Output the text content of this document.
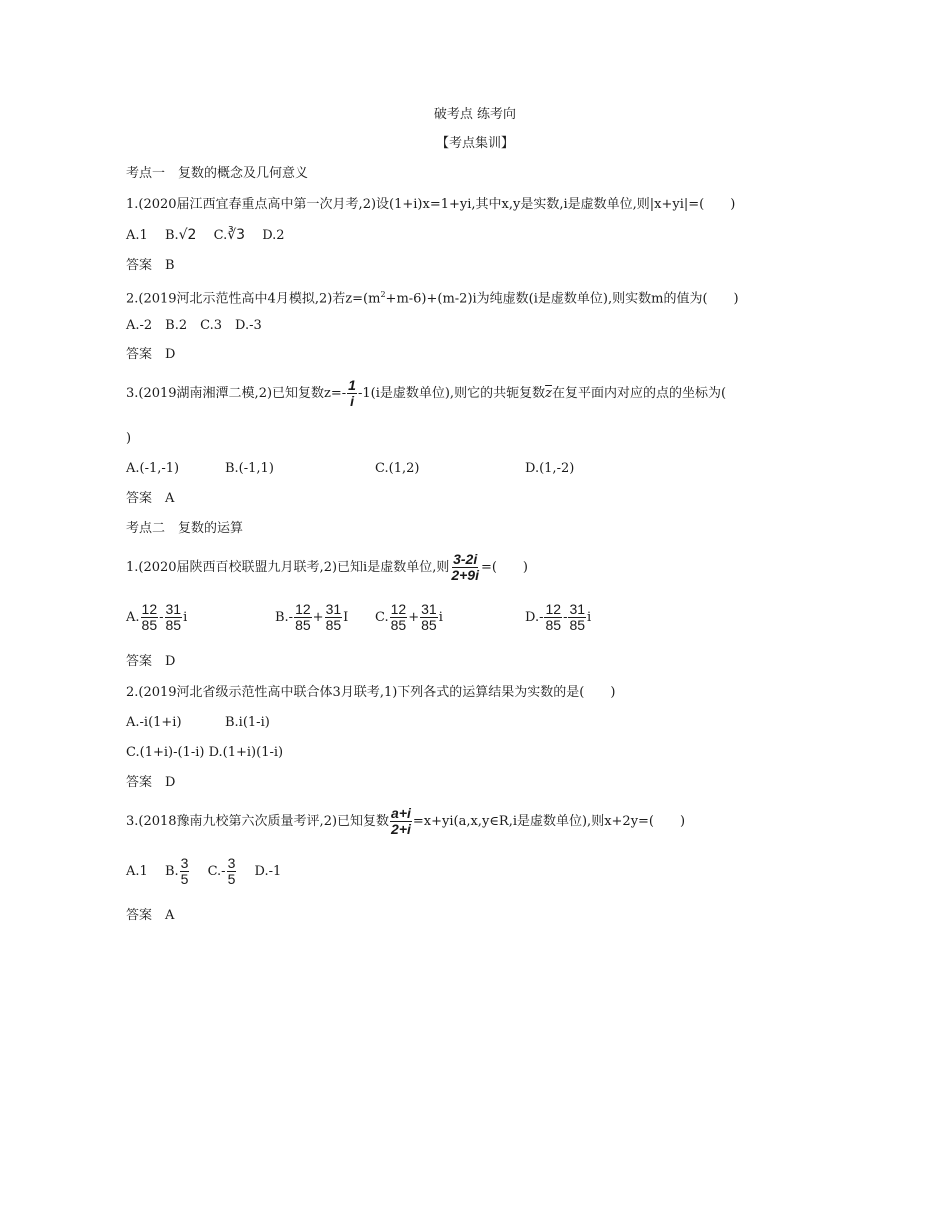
破考点 练考向
【考点集训】
考点一　复数的概念及几何意义
1.(2020届江西宜春重点高中第一次月考,2)设(1+i)x=1+yi,其中x,y是实数,i是虚数单位,则|x+yi|=(　　)
A.1　 B.√2　 C.∛3　 D.2
答案　B
2.(2019河北示范性高中4月模拟,2)若$z=(m^2+m-6)+(m-2)i$为纯虚数(i是虚数单位),则实数m的值为(　　)
A.-2　B.2　C.3　D.-3
答案　D
3.(2019湖南湘潭二模,2)已知复数$z=- \frac{1}{i} -1(i$是虚数单位),则它的共轭复数$\overline{z}$在复平面内对应的点的坐标为(
)
A.(-1,-1)	B.(-1,1)	C.(1,2)	D.(1,-2)
答案　A
考点二　复数的运算
1.(2020届陕西百校联盟九月联考,2)已知i是虚数单位,则 $\frac{3-2i}{2+9i}$ =(　　)
A. $\frac{12}{85} - \frac{31}{85}$ i	$B.- \frac{12}{85} + \frac{31}{85}$ I C. $\frac{12}{85} + \frac{31}{85}$ i	$D.- \frac{12}{85} - \frac{31}{85}$ i
答案　D
2.(2019河北省级示范性高中联合体3月联考,1)下列各式的运算结果为实数的是(　　)
A.-i(1+i)	B.i(1-i)
C.(1+i)-(1-i) D.(1+i)(1-i)
答案　D
3.(2018豫南九校第六次质量考评,2)已知复数 $\frac{a+i}{2+i}$ =x+yi(a,x,y∈R,i是虚数单位),则x+2y=(　　)
A.1　 B. $\frac{3}{5}$
　 $C.- \frac{3}{5}$
　 D.-1
答案　A
